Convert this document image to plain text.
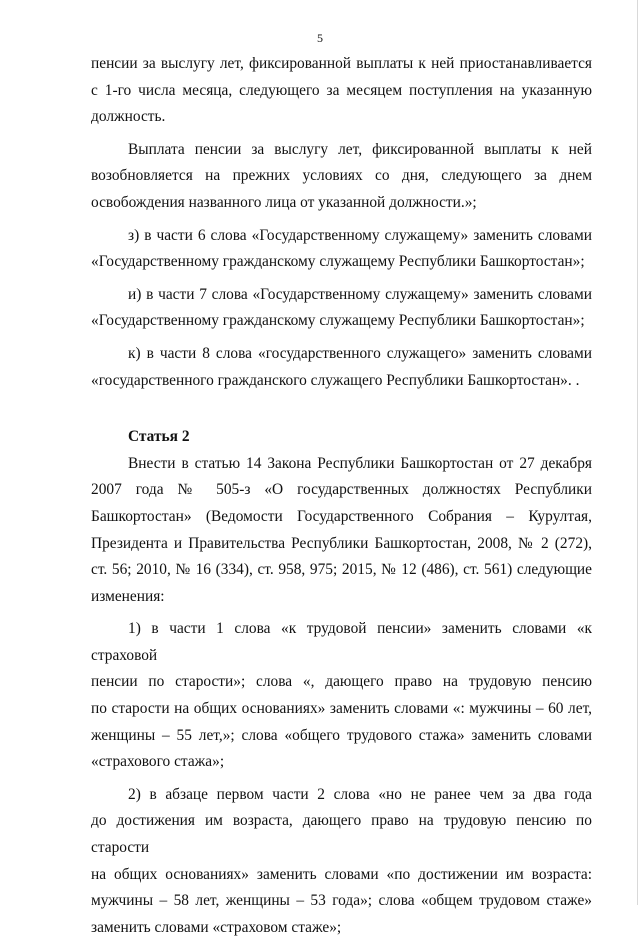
5

пенсии за выслугу лет, фиксированной выплаты к ней приостанавливается

с 1-го числа месяца, следующего за месяцем поступления на указанную

должность.

Выплата пенсии за выслугу лет, фиксированной выплаты к ней

возобновляется на прежних условиях со дня, следующего за днем

освобождения названного лица от указанной должности.»;

з) в части 6 слова «Государственному служащему» заменить словами

«Государственному гражданскому служащему Республики Башкортостан»;

и) в части 7 слова «Государственному служащему» заменить словами

«Государственному гражданскому служащему Республики Башкортостан»;

к) в части 8 слова «государственного служащего» заменить словами

«государственного гражданского служащего Республики Башкортостан». .

Статья 2

Внести в статью 14 Закона Республики Башкортостан от 27 декабря

2007 года № 505-з «О государственных должностях Республики

Башкортостан» (Ведомости Государственного Собрания – Курултая,

Президента и Правительства Республики Башкортостан, 2008, № 2 (272),

ст. 56; 2010, № 16 (334), ст. 958, 975; 2015, № 12 (486), ст. 561) следующие

изменения:

1) в части 1 слова «к трудовой пенсии» заменить словами «к страховой

пенсии по старости»; слова «, дающего право на трудовую пенсию

по старости на общих основаниях» заменить словами «: мужчины – 60 лет,

женщины – 55 лет,»; слова «общего трудового стажа» заменить словами

«страхового стажа»;

2) в абзаце первом части 2 слова «но не ранее чем за два года

до достижения им возраста, дающего право на трудовую пенсию по старости

на общих основаниях» заменить словами «по достижении им возраста:

мужчины – 58 лет, женщины – 53 года»; слова «общем трудовом стаже»

заменить словами «страховом стаже»;
